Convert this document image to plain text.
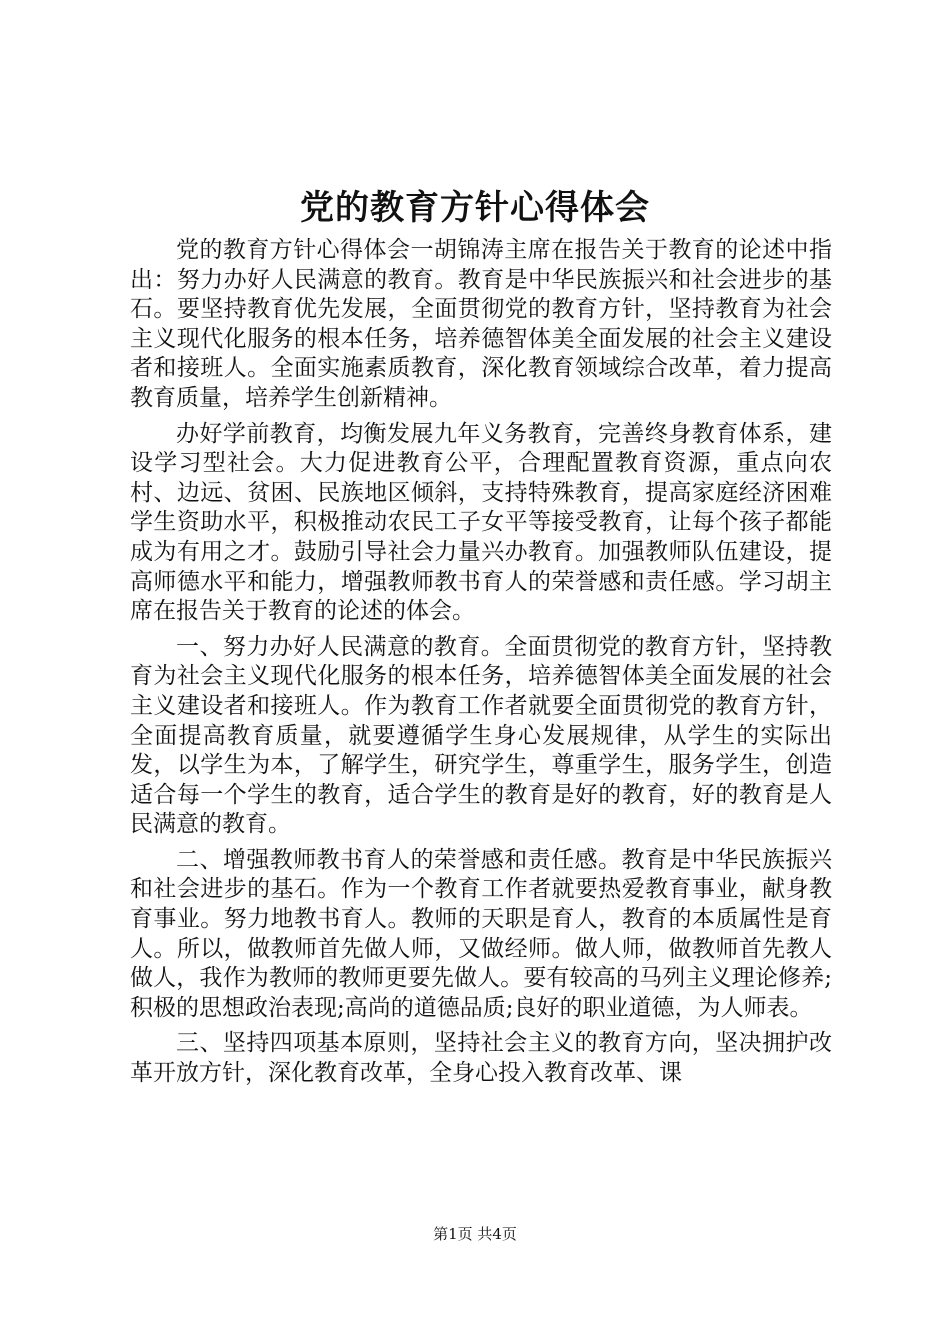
党的教育方针心得体会

党的教育方针心得体会一胡锦涛主席在报告关于教育的论述中指出：努力办好人民满意的教育。教育是中华民族振兴和社会进步的基石。要坚持教育优先发展，全面贯彻党的教育方针，坚持教育为社会主义现代化服务的根本任务，培养德智体美全面发展的社会主义建设者和接班人。全面实施素质教育，深化教育领域综合改革，着力提高教育质量，培养学生创新精神。

办好学前教育，均衡发展九年义务教育，完善终身教育体系，建设学习型社会。大力促进教育公平，合理配置教育资源，重点向农村、边远、贫困、民族地区倾斜，支持特殊教育，提高家庭经济困难学生资助水平，积极推动农民工子女平等接受教育，让每个孩子都能成为有用之才。鼓励引导社会力量兴办教育。加强教师队伍建设，提高师德水平和能力，增强教师教书育人的荣誉感和责任感。学习胡主席在报告关于教育的论述的体会。

一、努力办好人民满意的教育。全面贯彻党的教育方针，坚持教育为社会主义现代化服务的根本任务，培养德智体美全面发展的社会主义建设者和接班人。作为教育工作者就要全面贯彻党的教育方针，全面提高教育质量，就要遵循学生身心发展规律，从学生的实际出发，以学生为本，了解学生，研究学生，尊重学生，服务学生，创造适合每一个学生的教育，适合学生的教育是好的教育，好的教育是人民满意的教育。

二、增强教师教书育人的荣誉感和责任感。教育是中华民族振兴和社会进步的基石。作为一个教育工作者就要热爱教育事业，献身教育事业。努力地教书育人。教师的天职是育人，教育的本质属性是育人。所以，做教师首先做人师，又做经师。做人师，做教师首先教人做人，我作为教师的教师更要先做人。要有较高的马列主义理论修养;积极的思想政治表现;高尚的道德品质;良好的职业道德，为人师表。

三、坚持四项基本原则，坚持社会主义的教育方向，坚决拥护改革开放方针，深化教育改革，全身心投入教育改革、课

第1页 共4页
